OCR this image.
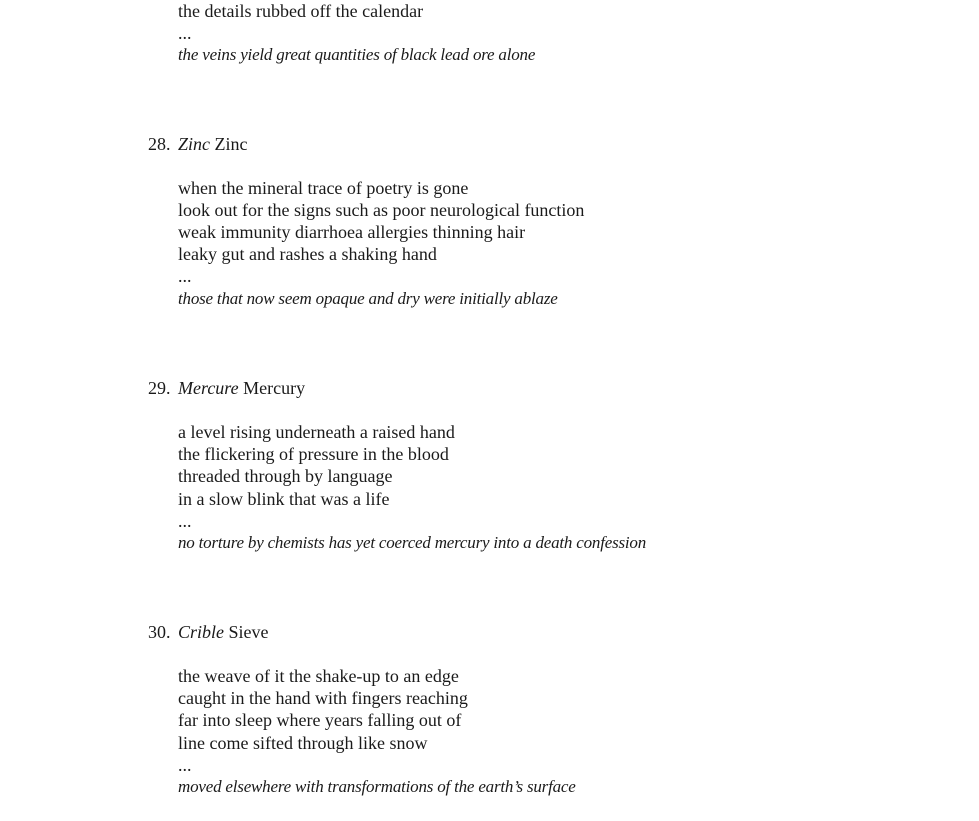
the details rubbed off the calendar
...
the veins yield great quantities of black lead ore alone
28. Zinc Zinc
when the mineral trace of poetry is gone
look out for the signs such as poor neurological function
weak immunity diarrhoea allergies thinning hair
leaky gut and rashes a shaking hand
...
those that now seem opaque and dry were initially ablaze
29. Mercure Mercury
a level rising underneath a raised hand
the flickering of pressure in the blood
threaded through by language
in a slow blink that was a life
...
no torture by chemists has yet coerced mercury into a death confession
30. Crible Sieve
the weave of it the shake-up to an edge
caught in the hand with fingers reaching
far into sleep where years falling out of
line come sifted through like snow
...
moved elsewhere with transformations of the earth’s surface
